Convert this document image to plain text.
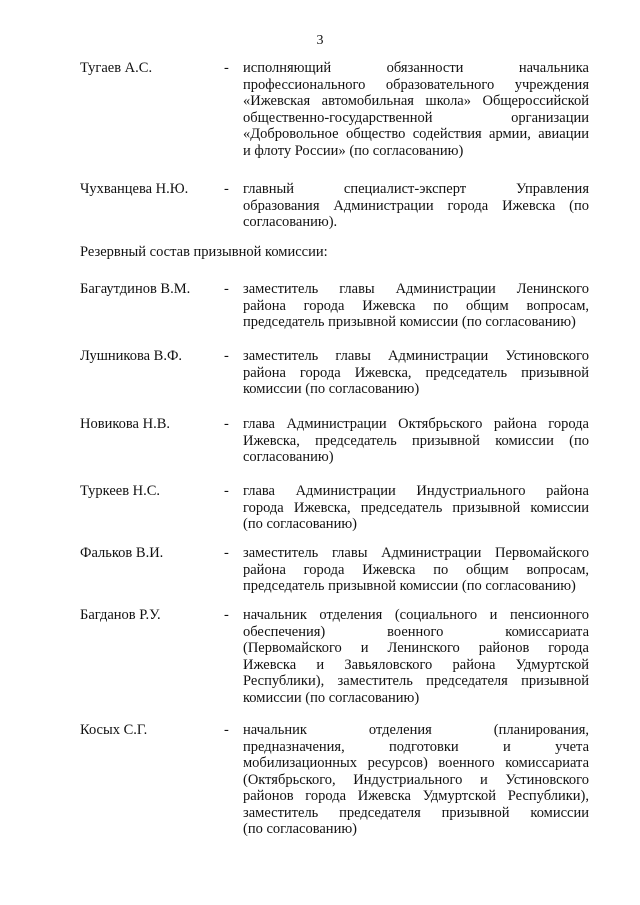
3
Тугаев А.С.	- исполняющий обязанности начальника
профессионального образовательного учреждения
«Ижевская автомобильная школа» Общероссийской
общественно-государственной организации
«Добровольное общество содействия армии, авиации
и флоту России» (по согласованию)
Чухванцева Н.Ю. - главный специалист-эксперт Управления
образования Администрации города Ижевска (по
согласованию).
Резервный состав призывной комиссии:
Багаутдинов В.М. - заместитель главы Администрации Ленинского
района города Ижевска по общим вопросам,
председатель призывной комиссии (по согласованию)
Лушникова В.Ф.	- заместитель главы Администрации Устиновского
района города Ижевска, председатель призывной
комиссии (по согласованию)
Новикова Н.В.	- глава Администрации Октябрьского района города
Ижевска, председатель призывной комиссии (по
согласованию)
Туркеев Н.С.	- глава Администрации Индустриального района
города Ижевска, председатель призывной комиссии
(по согласованию)
Фальков В.И.	- заместитель главы Администрации Первомайского
района города Ижевска по общим вопросам,
председатель призывной комиссии (по согласованию)
Багданов Р.У.	- начальник отделения (социального и пенсионного
обеспечения) военного комиссариата
(Первомайского и Ленинского районов города
Ижевска и Завьяловского района Удмуртской
Республики), заместитель председателя призывной
комиссии (по согласованию)
Косых С.Г.	- начальник отделения (планирования,
предназначения, подготовки и учета
мобилизационных ресурсов) военного комиссариата
(Октябрьского, Индустриального и Устиновского
районов города Ижевска Удмуртской Республики),
заместитель председателя призывной комиссии
(по согласованию)
